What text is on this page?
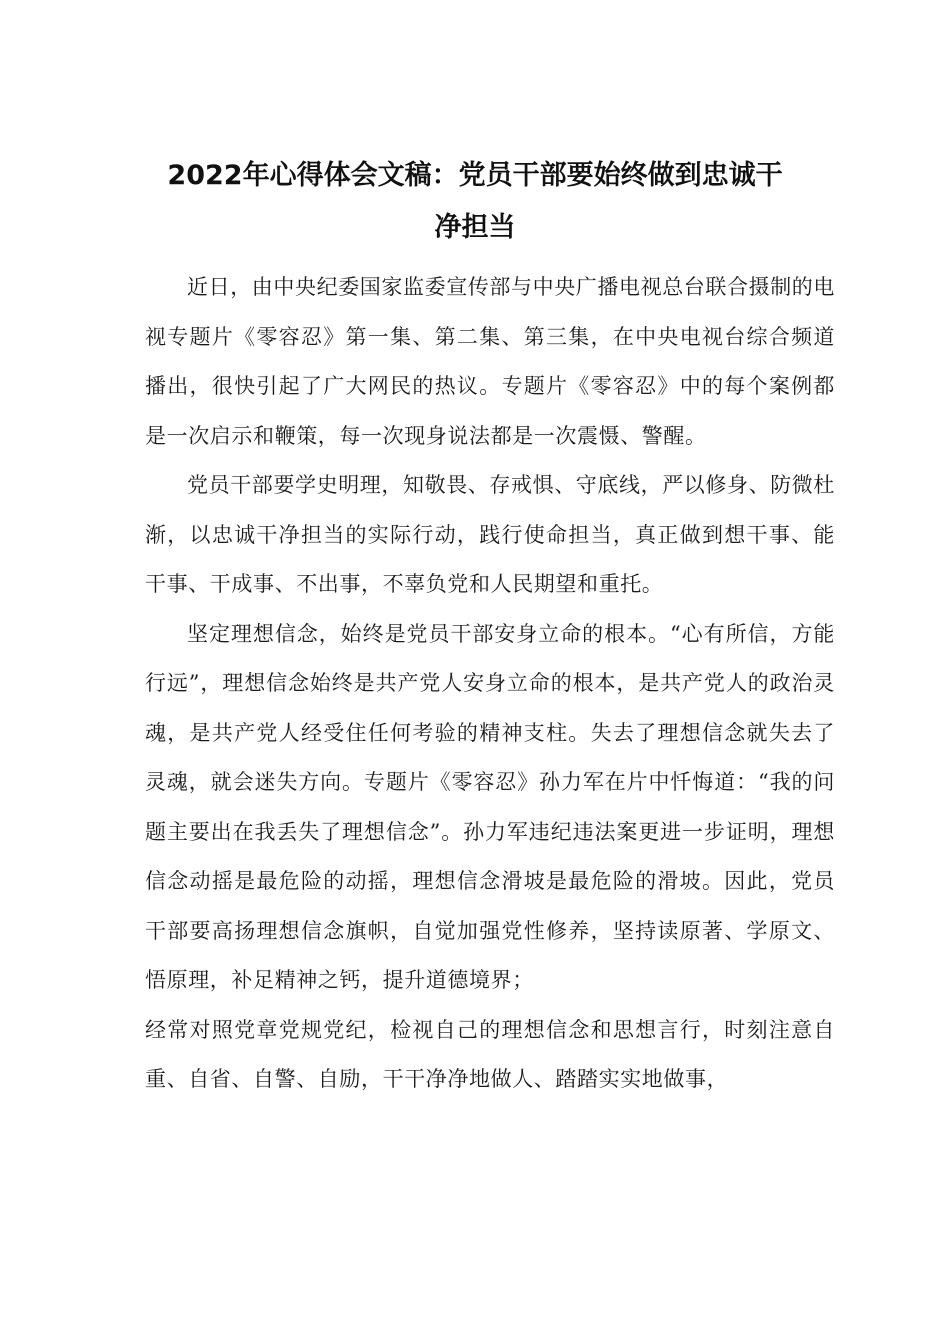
2022年心得体会文稿：党员干部要始终做到忠诚干
净担当

近日，由中央纪委国家监委宣传部与中央广播电视总台联合摄制的电视专题片《零容忍》第一集、第二集、第三集，在中央电视台综合频道播出，很快引起了广大网民的热议。专题片《零容忍》中的每个案例都是一次启示和鞭策，每一次现身说法都是一次震慑、警醒。

党员干部要学史明理，知敬畏、存戒惧、守底线，严以修身、防微杜渐，以忠诚干净担当的实际行动，践行使命担当，真正做到想干事、能干事、干成事、不出事，不辜负党和人民期望和重托。

坚定理想信念，始终是党员干部安身立命的根本。“心有所信，方能行远”，理想信念始终是共产党人安身立命的根本，是共产党人的政治灵魂，是共产党人经受住任何考验的精神支柱。失去了理想信念就失去了灵魂，就会迷失方向。专题片《零容忍》孙力军在片中忏悔道：“我的问题主要出在我丢失了理想信念”。孙力军违纪违法案更进一步证明，理想信念动摇是最危险的动摇，理想信念滑坡是最危险的滑坡。因此，党员干部要高扬理想信念旗帜，自觉加强党性修养，坚持读原著、学原文、悟原理，补足精神之钙，提升道德境界；

经常对照党章党规党纪，检视自己的理想信念和思想言行，时刻注意自重、自省、自警、自励，干干净净地做人、踏踏实实地做事，
